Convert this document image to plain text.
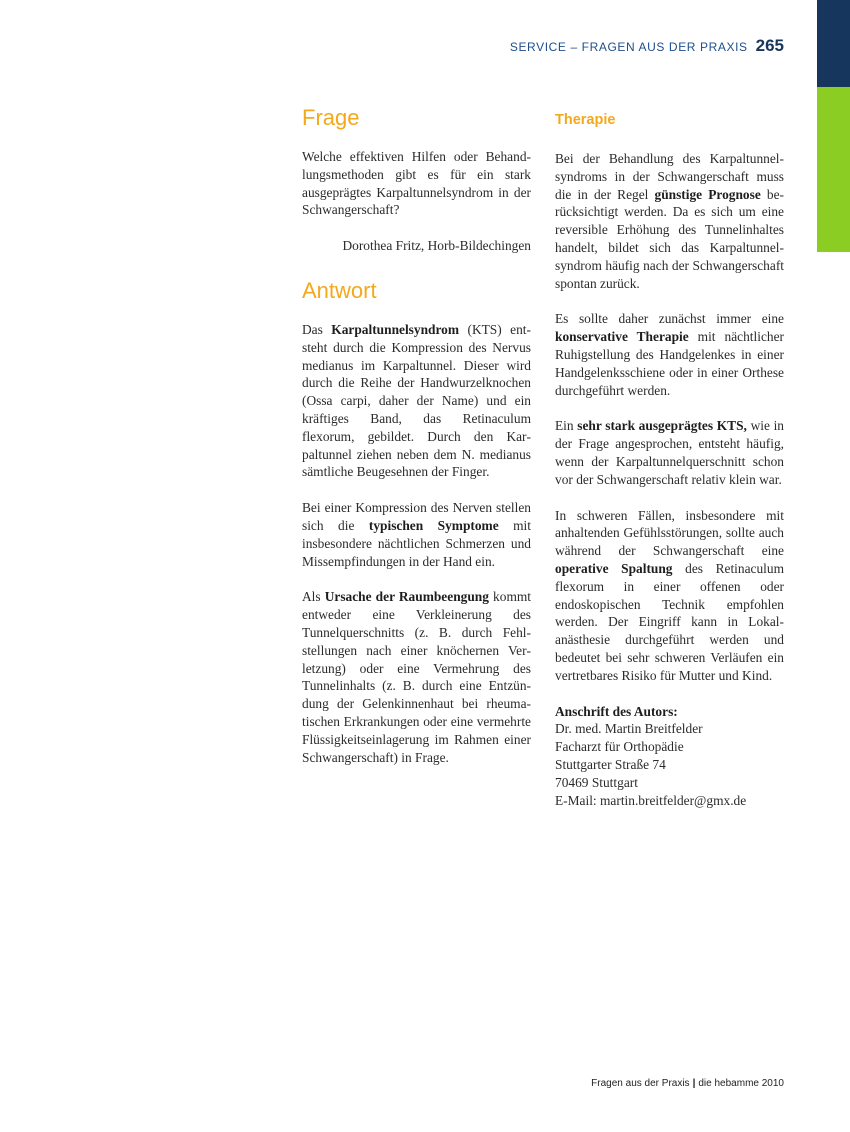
SERVICE – FRAGEN AUS DER PRAXIS 265
Frage

Welche effektiven Hilfen oder Behandlungsmethoden gibt es für ein stark ausgeprägtes Karpaltunnelsyndrom in der Schwangerschaft?

Dorothea Fritz, Horb-Bildechingen

Antwort

Das Karpaltunnelsyndrom (KTS) entsteht durch die Kompression des Nervus medianus im Karpaltunnel. Dieser wird durch die Reihe der Handwurzelknochen (Ossa carpi, daher der Name) und ein kräftiges Band, das Retinaculum flexorum, gebildet. Durch den Karpaltunnel ziehen neben dem N. medianus sämtliche Beugesehnen der Finger.

Bei einer Kompression des Nerven stellen sich die typischen Symptome mit insbesondere nächtlichen Schmerzen und Missempfindungen in der Hand ein.

Als Ursache der Raumbeengung kommt entweder eine Verkleinerung des Tunnelquerschnitts (z. B. durch Fehlstellungen nach einer knöchernen Verletzung) oder eine Vermehrung des Tunnelinhalts (z. B. durch eine Entzündung der Gelenkinnenhaut bei rheumatischen Erkrankungen oder eine vermehrte Flüssigkeitseinlagerung im Rahmen einer Schwangerschaft) in Frage.

Therapie

Bei der Behandlung des Karpaltunnelsyndroms in der Schwangerschaft muss die in der Regel günstige Prognose berücksichtigt werden. Da es sich um eine reversible Erhöhung des Tunnelinhaltes handelt, bildet sich das Karpaltunnelsyndrom häufig nach der Schwangerschaft spontan zurück.

Es sollte daher zunächst immer eine konservative Therapie mit nächtlicher Ruhigstellung des Handgelenkes in einer Handgelenksschiene oder in einer Orthese durchgeführt werden.

Ein sehr stark ausgeprägtes KTS, wie in der Frage angesprochen, entsteht häufig, wenn der Karpaltunnelquerschnitt schon vor der Schwangerschaft relativ klein war.

In schweren Fällen, insbesondere mit anhaltenden Gefühlsstörungen, sollte auch während der Schwangerschaft eine operative Spaltung des Retinaculum flexorum in einer offenen oder endoskopischen Technik empfohlen werden. Der Eingriff kann in Lokalanästhesie durchgeführt werden und bedeutet bei sehr schweren Verläufen ein vertretbares Risiko für Mutter und Kind.

Anschrift des Autors:
Dr. med. Martin Breitfelder
Facharzt für Orthopädie
Stuttgarter Straße 74
70469 Stuttgart
E-Mail: martin.breitfelder@gmx.de
Fragen aus der Praxis | die hebamme 2010
